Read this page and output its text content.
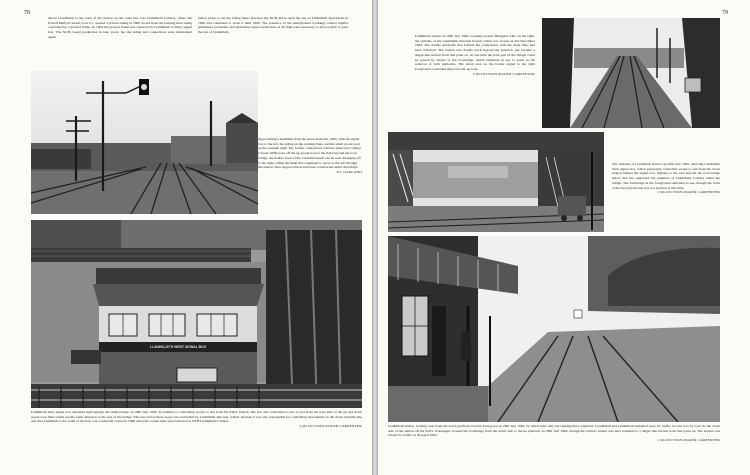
78

About Llanhilleth to the west of the station on the route line was Llanhilleth Colliery, where the Powell Duffryn Steam Coal Co. opened a private siding in 1890 access from the running lines being controlled by a ground frame. In 1904 the ground frame was replaced by Llanhilleth Colliery signal box. The NCB closed production in later years, but the siding and connections were maintained again

before plans to cut the siding lines; however the NCB did re-open the site as Llanhilleth Operations in 1960 and continued to work it until 1969. The presence of the underground workings caused regular subsidence problems, and permanent speed restrictions of 20 mph were necessary to allow traffic to pass the site of Llanhilleth.

Approaching Llanhilleth from the down platform, 1965, with the signal box to the left, the siding on the running lines, and the small goods yard on the extreme right. The former connections with the Abercarn Colliery (closed 1958) were off the up goods loop to the right beyond the road bridge; the double track of the Crumlin branch can be seen diverging off to the right, whilst the main line continued to curve to the left through the station. New support pillars had been constructed under the bridge.
P.J. GARLAND
LLANHILLETH WEST SIGNAL BOX
Llanhilleth West signal box remained right against the small bridge, on 28th July 1962. In addition to controlling access to and from the Ebbw branch, this box also controlled access to and from the west side of the up and down goods loop lines which ran the same direction to the east of the bridge. The rear end of these loops was controlled by Llanhilleth Junction, which, because it was also responsible for controlling movements on the down Crumlin line and the Llanhilleth to the south of the box, was eventually closed in 1966 when the connections were removed at NCB Llanhilleth Colliery.
COLLECTION ROGER CARPENTER
79
Llanhilleth station on 28th July 1962, looking towards Bridgend with, on the right, the remains of the Llanhilleth Junction branch which was closed on 3rd December 1962. The double platforms that formed the connections with the main lines had been removed. The branch was double track beyond the junction, but became a single-line section from this point on. At one time the tram part of the village could be passed by means of the footbridge, which remained in use to assist in the removal of both platforms. The small area on the border signal to the right foreground controlled entry into the up loop.
COLLECTION ROGER CARPENTER
The remains of Llanhilleth station on 28th July 1962, showing Llanhilleth West signal box, which previously controlled access to and from the down branch behind the signal box, lighting to the east beyond the road bridge below that has supported the premises of Llanhilleth Colliery under the bridge. The footbridge in the foreground remained in use, though the track at the down platforms was not in place at this time.
COLLECTION ROGER CARPENTER
Llanhilleth station, looking west from the down platform towards Pontypool on 28th July 1962, by which time only the running lines remained. Llanhilleth and Llanhilleth remained open for traffic. Access was by road via the down side of the station off the A472. Passengers crossed the footbridge from the down side to the up platform on 28th July 1962, though the railway station was later renamed to a single line section from this point on. The station was closed for traffic on 30 April 1962.
COLLECTION ROGER CARPENTER
